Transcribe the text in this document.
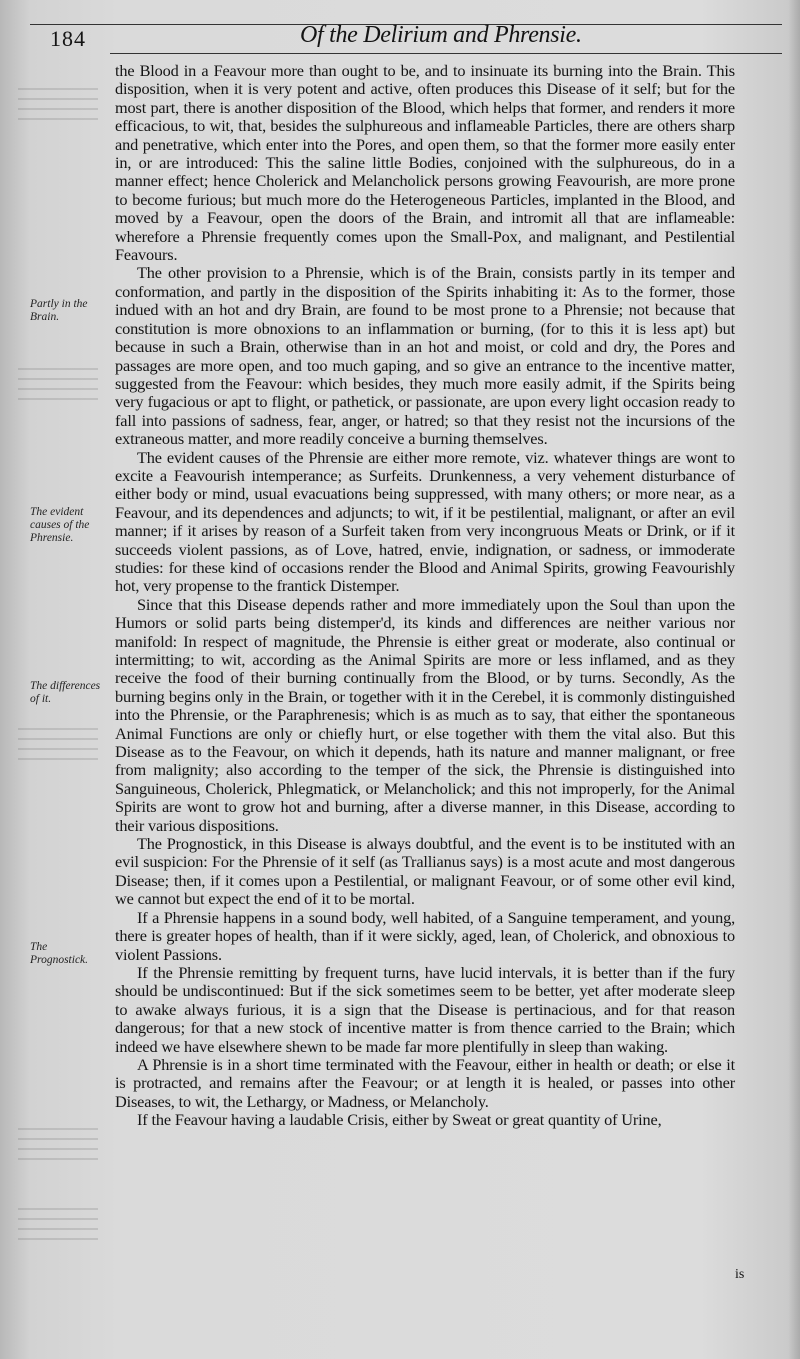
184	Of the Delirium and Phrensie.
Partly in the Brain.
The evident causes of the Phrensie.
The differences of it.
The Prognostick.

the Blood in a Feavour more than ought to be, and to insinuate its burning into the Brain. This disposition, when it is very potent and active, often produces this Disease of it self; but for the most part, there is another disposition of the Blood, which helps that former, and renders it more efficacious, to wit, that, besides the sulphureous and inflameable Particles, there are others sharp and penetrative, which enter into the Pores, and open them, so that the former more easily enter in, or are introduced: This the saline little Bodies, conjoined with the sulphureous, do in a manner effect; hence Cholerick and Melancholick persons growing Feavourish, are more prone to become furious; but much more do the Heterogeneous Particles, implanted in the Blood, and moved by a Feavour, open the doors of the Brain, and intromit all that are inflameable: wherefore a Phrensie frequently comes upon the Small-Pox, and malignant, and Pestilential Feavours.

The other provision to a Phrensie, which is of the Brain, consists partly in its temper and conformation, and partly in the disposition of the Spirits inhabiting it: As to the former, those indued with an hot and dry Brain, are found to be most prone to a Phrensie; not because that constitution is more obnoxions to an inflammation or burning, (for to this it is less apt) but because in such a Brain, otherwise than in an hot and moist, or cold and dry, the Pores and passages are more open, and too much gaping, and so give an entrance to the incentive matter, suggested from the Feavour: which besides, they much more easily admit, if the Spirits being very fugacious or apt to flight, or pathetick, or passionate, are upon every light occasion ready to fall into passions of sadness, fear, anger, or hatred; so that they resist not the incursions of the extraneous matter, and more readily conceive a burning themselves.

The evident causes of the Phrensie are either more remote, viz. whatever things are wont to excite a Feavourish intemperance; as Surfeits. Drunkenness, a very vehement disturbance of either body or mind, usual evacuations being suppressed, with many others; or more near, as a Feavour, and its dependences and adjuncts; to wit, if it be pestilential, malignant, or after an evil manner; if it arises by reason of a Surfeit taken from very incongruous Meats or Drink, or if it succeeds violent passions, as of Love, hatred, envie, indignation, or sadness, or immoderate studies: for these kind of occasions render the Blood and Animal Spirits, growing Feavourishly hot, very propense to the frantick Distemper.

Since that this Disease depends rather and more immediately upon the Soul than upon the Humors or solid parts being distemper'd, its kinds and differences are neither various nor manifold: In respect of magnitude, the Phrensie is either great or moderate, also continual or intermitting; to wit, according as the Animal Spirits are more or less inflamed, and as they receive the food of their burning continually from the Blood, or by turns. Secondly, As the burning begins only in the Brain, or together with it in the Cerebel, it is commonly distinguished into the Phrensie, or the Paraphrenesis; which is as much as to say, that either the spontaneous Animal Functions are only or chiefly hurt, or else together with them the vital also. But this Disease as to the Feavour, on which it depends, hath its nature and manner malignant, or free from malignity; also according to the temper of the sick, the Phrensie is distinguished into Sanguineous, Cholerick, Phlegmatick, or Melancholick; and this not improperly, for the Animal Spirits are wont to grow hot and burning, after a diverse manner, in this Disease, according to their various dispositions.

The Prognostick, in this Disease is always doubtful, and the event is to be instituted with an evil suspicion: For the Phrensie of it self (as Trallianus says) is a most acute and most dangerous Disease; then, if it comes upon a Pestilential, or malignant Feavour, or of some other evil kind, we cannot but expect the end of it to be mortal.

If a Phrensie happens in a sound body, well habited, of a Sanguine temperament, and young, there is greater hopes of health, than if it were sickly, aged, lean, of Cholerick, and obnoxious to violent Passions.

If the Phrensie remitting by frequent turns, have lucid intervals, it is better than if the fury should be undiscontinued: But if the sick sometimes seem to be better, yet after moderate sleep to awake always furious, it is a sign that the Disease is pertinacious, and for that reason dangerous; for that a new stock of incentive matter is from thence carried to the Brain; which indeed we have elsewhere shewn to be made far more plentifully in sleep than waking.

A Phrensie is in a short time terminated with the Feavour, either in health or death; or else it is protracted, and remains after the Feavour; or at length it is healed, or passes into other Diseases, to wit, the Lethargy, or Madness, or Melancholy.

If the Feavour having a laudable Crisis, either by Sweat or great quantity of Urine,

is
